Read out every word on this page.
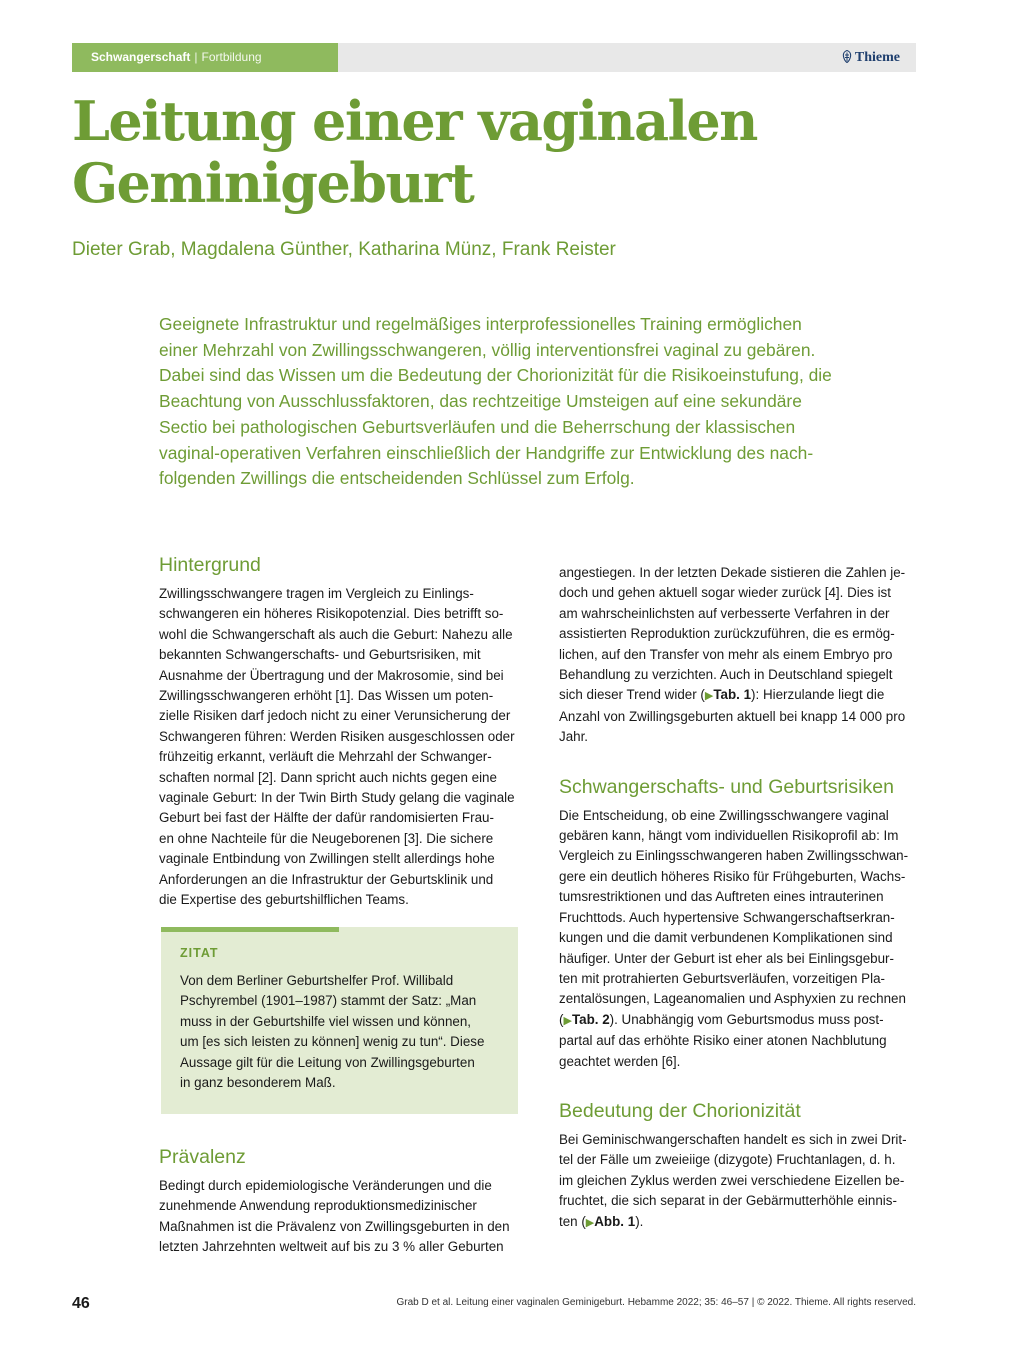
Schwangerschaft | Fortbildung	Thieme
Leitung einer vaginalen
Geminigeburt
Dieter Grab, Magdalena Günther, Katharina Münz, Frank Reister

Geeignete Infrastruktur und regelmäßiges interprofessionelles Training ermöglichen
einer Mehrzahl von Zwillingsschwangeren, völlig interventionsfrei vaginal zu gebären.
Dabei sind das Wissen um die Bedeutung der Chorionizität für die Risikoeinstufung, die
Beachtung von Ausschlussfaktoren, das rechtzeitige Umsteigen auf eine sekundäre
Sectio bei pathologischen Geburtsverläufen und die Beherrschung der klassischen
vaginal-operativen Verfahren einschließlich der Handgriffe zur Entwicklung des nach-
folgenden Zwillings die entscheidenden Schlüssel zum Erfolg.

Hintergrund

Zwillingsschwangere tragen im Vergleich zu Einlings-
schwangeren ein höheres Risikopotenzial. Dies betrifft so-
wohl die Schwangerschaft als auch die Geburt: Nahezu alle
bekannten Schwangerschafts- und Geburtsrisiken, mit
Ausnahme der Übertragung und der Makrosomie, sind bei
Zwillingsschwangeren erhöht [1]. Das Wissen um poten-
zielle Risiken darf jedoch nicht zu einer Verunsicherung der
Schwangeren führen: Werden Risiken ausgeschlossen oder
frühzeitig erkannt, verläuft die Mehrzahl der Schwanger-
schaften normal [2]. Dann spricht auch nichts gegen eine
vaginale Geburt: In der Twin Birth Study gelang die vaginale
Geburt bei fast der Hälfte der dafür randomisierten Frau-
en ohne Nachteile für die Neugeborenen [3]. Die sichere
vaginale Entbindung von Zwillingen stellt allerdings hohe
Anforderungen an die Infrastruktur der Geburtsklinik und
die Expertise des geburtshilflichen Teams.

ZITAT

Von dem Berliner Geburtshelfer Prof. Willibald
Pschyrembel (1901–1987) stammt der Satz: „Man
muss in der Geburtshilfe viel wissen und können,
um [es sich leisten zu können] wenig zu tun“. Diese
Aussage gilt für die Leitung von Zwillingsgeburten
in ganz besonderem Maß.

Prävalenz

Bedingt durch epidemiologische Veränderungen und die
zunehmende Anwendung reproduktionsmedizinischer
Maßnahmen ist die Prävalenz von Zwillingsgeburten in den
letzten Jahrzehnten weltweit auf bis zu 3 % aller Geburten

angestiegen. In der letzten Dekade sistieren die Zahlen je-
doch und gehen aktuell sogar wieder zurück [4]. Dies ist
am wahrscheinlichsten auf verbesserte Verfahren in der
assistierten Reproduktion zurückzuführen, die es ermög-
lichen, auf den Transfer von mehr als einem Embryo pro
Behandlung zu verzichten. Auch in Deutschland spiegelt
sich dieser Trend wider (▶Tab. 1): Hierzulande liegt die
Anzahl von Zwillingsgeburten aktuell bei knapp 14 000 pro
Jahr.

Schwangerschafts- und Geburtsrisiken

Die Entscheidung, ob eine Zwillingsschwangere vaginal
gebären kann, hängt vom individuellen Risikoprofil ab: Im
Vergleich zu Einlingsschwangeren haben Zwillingsschwan-
gere ein deutlich höheres Risiko für Frühgeburten, Wachs-
tumsrestriktionen und das Auftreten eines intrauterinen
Fruchttods. Auch hypertensive Schwangerschaftserkran-
kungen und die damit verbundenen Komplikationen sind
häufiger. Unter der Geburt ist eher als bei Einlingsgebur-
ten mit protrahierten Geburtsverläufen, vorzeitigen Pla-
zentalösungen, Lageanomalien und Asphyxien zu rechnen
(▶Tab. 2). Unabhängig vom Geburtsmodus muss post-
partal auf das erhöhte Risiko einer atonen Nachblutung
geachtet werden [6].

Bedeutung der Chorionizität

Bei Geminischwangerschaften handelt es sich in zwei Drit-
tel der Fälle um zweieiige (dizygote) Fruchtanlagen, d. h.
im gleichen Zyklus werden zwei verschiedene Eizellen be-
fruchtet, die sich separat in der Gebärmutterhöhle einnis-
ten (▶Abb. 1).

46	Grab D et al. Leitung einer vaginalen Geminigeburt. Hebamme 2022; 35: 46–57 | © 2022. Thieme. All rights reserved.
